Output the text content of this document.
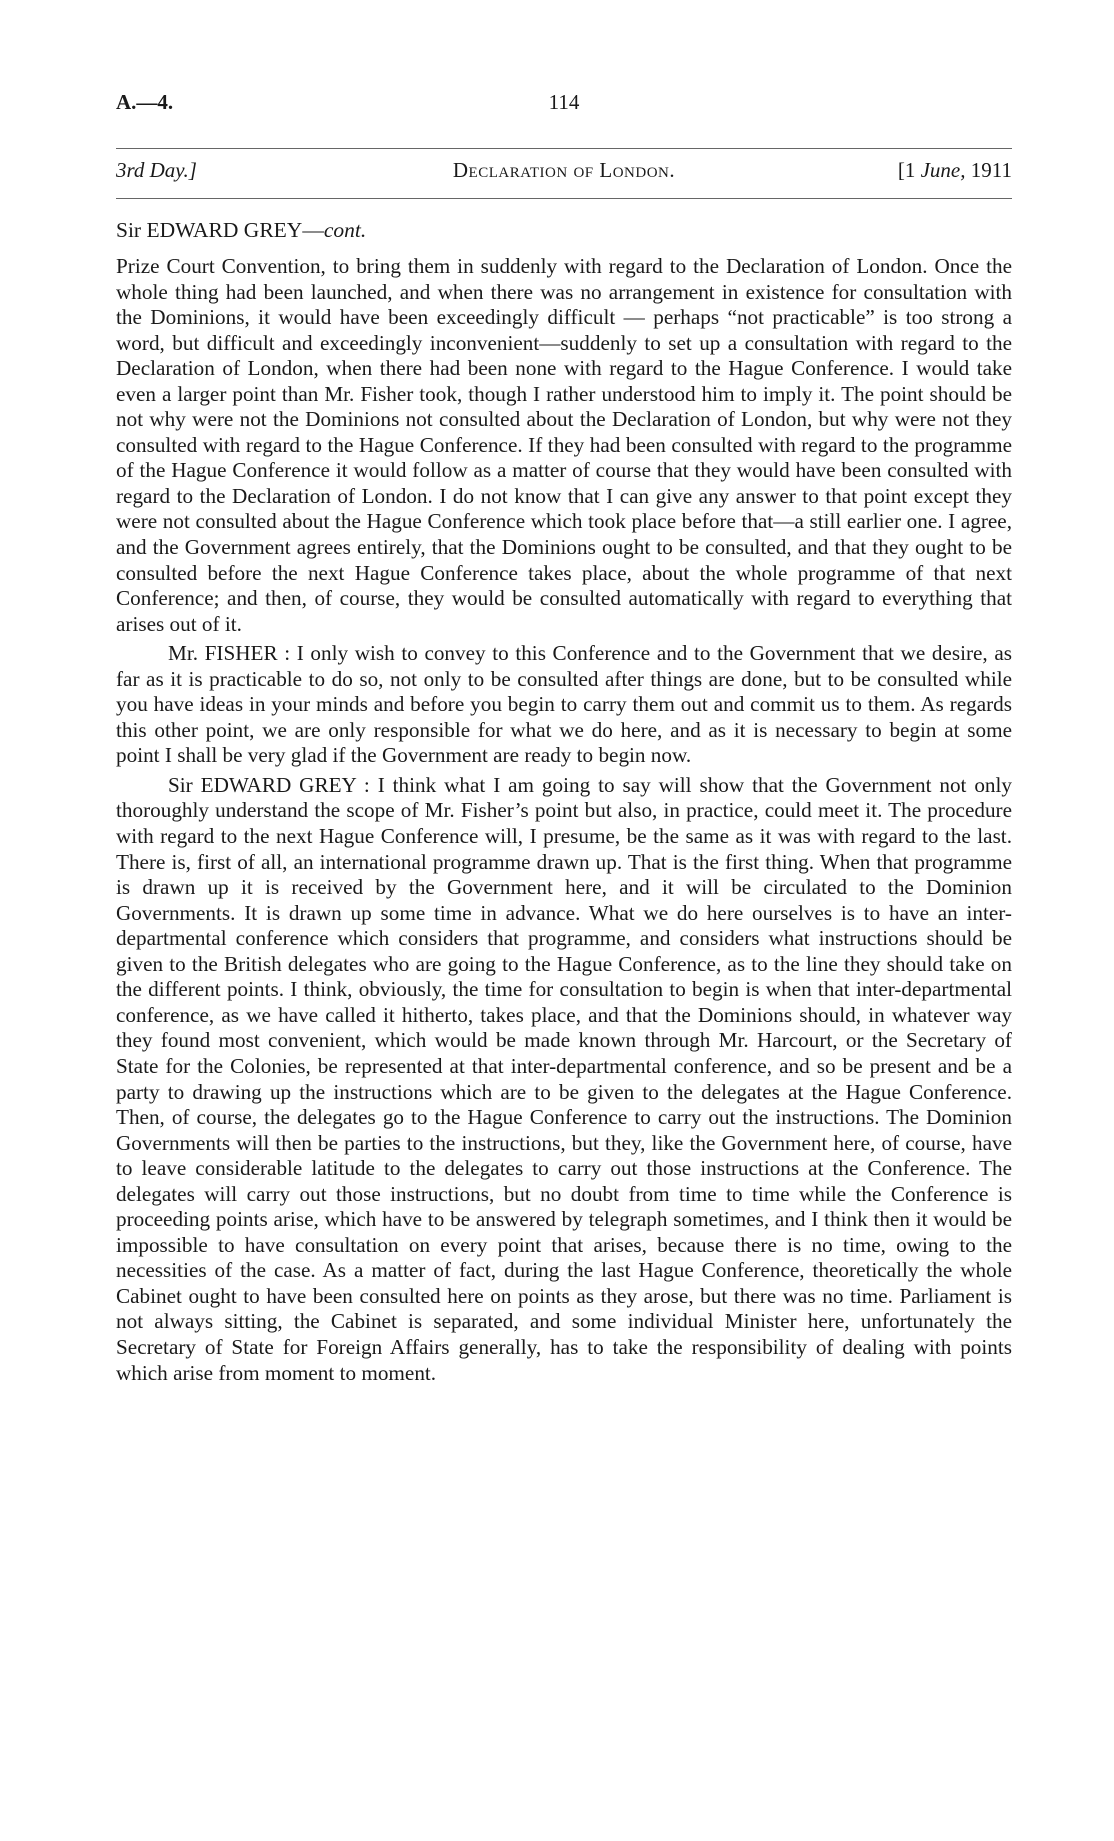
A.—4.	114
3rd Day.]	Declaration of London.	[1 June, 1911
Sir EDWARD GREY—cont.

Prize Court Convention, to bring them in suddenly with regard to the Declaration of London. Once the whole thing had been launched, and when there was no arrangement in existence for consultation with the Dominions, it would have been exceedingly difficult — perhaps “not practicable” is too strong a word, but difficult and exceedingly inconvenient—suddenly to set up a consultation with regard to the Declaration of London, when there had been none with regard to the Hague Conference. I would take even a larger point than Mr. Fisher took, though I rather understood him to imply it. The point should be not why were not the Dominions not consulted about the Declaration of London, but why were not they consulted with regard to the Hague Conference. If they had been consulted with regard to the programme of the Hague Conference it would follow as a matter of course that they would have been consulted with regard to the Declaration of London. I do not know that I can give any answer to that point except they were not consulted about the Hague Conference which took place before that—a still earlier one. I agree, and the Government agrees entirely, that the Dominions ought to be consulted, and that they ought to be consulted before the next Hague Conference takes place, about the whole programme of that next Conference; and then, of course, they would be consulted automatically with regard to everything that arises out of it.

Mr. FISHER : I only wish to convey to this Conference and to the Government that we desire, as far as it is practicable to do so, not only to be consulted after things are done, but to be consulted while you have ideas in your minds and before you begin to carry them out and commit us to them. As regards this other point, we are only responsible for what we do here, and as it is necessary to begin at some point I shall be very glad if the Government are ready to begin now.

Sir EDWARD GREY : I think what I am going to say will show that the Government not only thoroughly understand the scope of Mr. Fisher’s point but also, in practice, could meet it. The procedure with regard to the next Hague Conference will, I presume, be the same as it was with regard to the last. There is, first of all, an international programme drawn up. That is the first thing. When that programme is drawn up it is received by the Government here, and it will be circulated to the Dominion Governments. It is drawn up some time in advance. What we do here ourselves is to have an inter-departmental conference which considers that programme, and considers what instructions should be given to the British delegates who are going to the Hague Conference, as to the line they should take on the different points. I think, obviously, the time for consultation to begin is when that inter-departmental conference, as we have called it hitherto, takes place, and that the Dominions should, in whatever way they found most convenient, which would be made known through Mr. Harcourt, or the Secretary of State for the Colonies, be represented at that inter-departmental conference, and so be present and be a party to drawing up the instructions which are to be given to the delegates at the Hague Conference. Then, of course, the delegates go to the Hague Conference to carry out the instructions. The Dominion Governments will then be parties to the instructions, but they, like the Government here, of course, have to leave considerable latitude to the delegates to carry out those instructions at the Conference. The delegates will carry out those instructions, but no doubt from time to time while the Conference is proceeding points arise, which have to be answered by telegraph sometimes, and I think then it would be impossible to have consultation on every point that arises, because there is no time, owing to the necessities of the case. As a matter of fact, during the last Hague Conference, theoretically the whole Cabinet ought to have been consulted here on points as they arose, but there was no time. Parliament is not always sitting, the Cabinet is separated, and some individual Minister here, unfortunately the Secretary of State for Foreign Affairs generally, has to take the responsibility of dealing with points which arise from moment to moment.
